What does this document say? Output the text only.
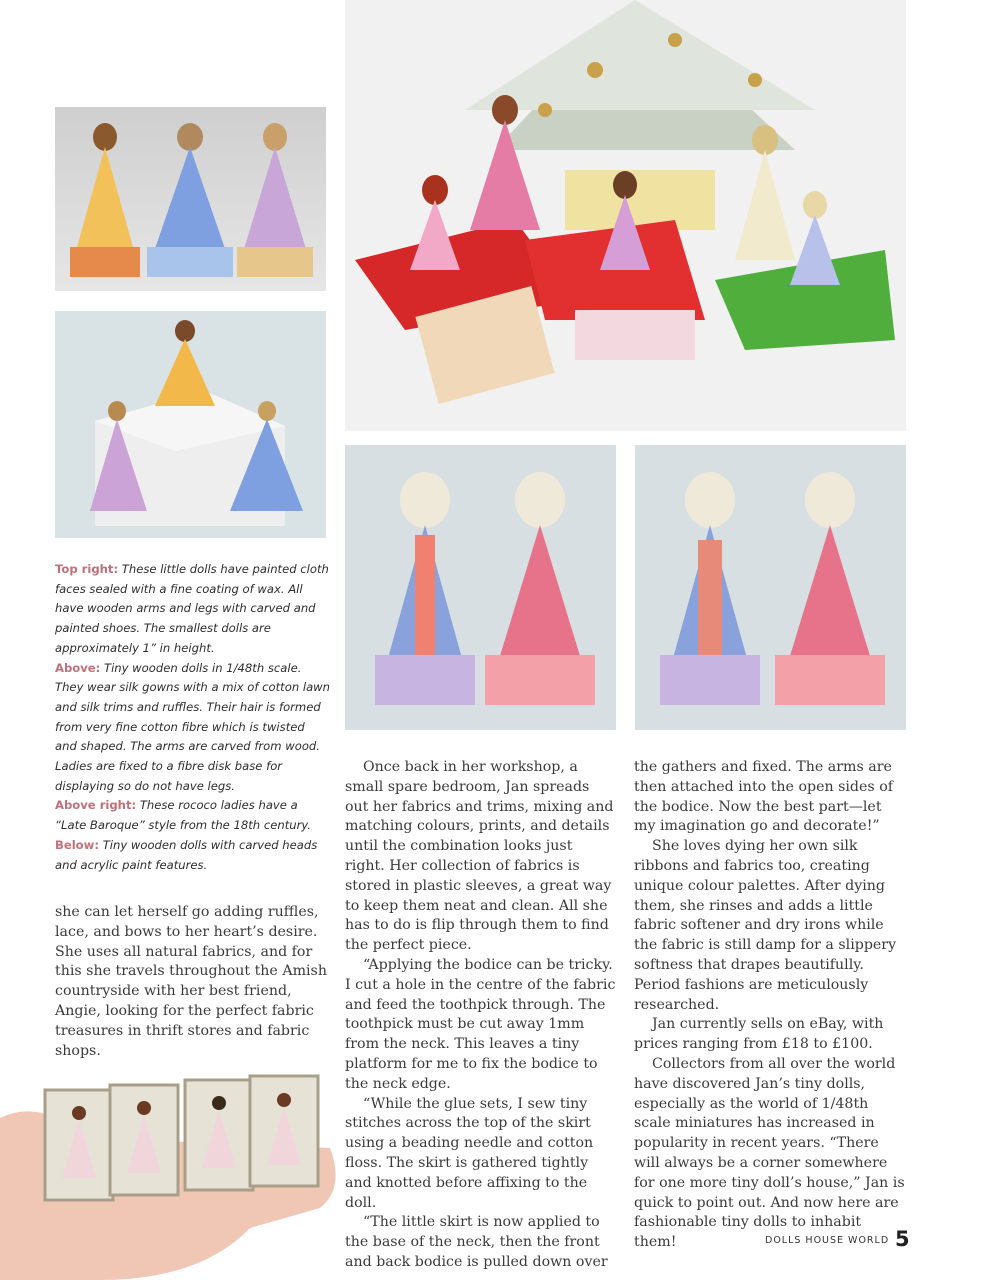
Top right: These little dolls have painted cloth faces sealed with a fine coating of wax. All have wooden arms and legs with carved and painted shoes. The smallest dolls are approximately 1” in height.

Above: Tiny wooden dolls in 1/48th scale. They wear silk gowns with a mix of cotton lawn and silk trims and ruffles. Their hair is formed from very fine cotton fibre which is twisted and shaped. The arms are carved from wood. Ladies are fixed to a fibre disk base for displaying so do not have legs.

Above right: These rococo ladies have a “Late Baroque” style from the 18th century.

Below: Tiny wooden dolls with carved heads and acrylic paint features.

she can let herself go adding ruffles, lace, and bows to her heart’s desire. She uses all natural fabrics, and for this she travels throughout the Amish countryside with her best friend, Angie, looking for the perfect fabric treasures in thrift stores and fabric shops.

Once back in her workshop, a small spare bedroom, Jan spreads out her fabrics and trims, mixing and matching colours, prints, and details until the combination looks just right. Her collection of fabrics is stored in plastic sleeves, a great way to keep them neat and clean. All she has to do is flip through them to find the perfect piece.

“Applying the bodice can be tricky. I cut a hole in the centre of the fabric and feed the toothpick through. The toothpick must be cut away 1mm from the neck. This leaves a tiny platform for me to fix the bodice to the neck edge.

“While the glue sets, I sew tiny stitches across the top of the skirt using a beading needle and cotton floss. The skirt is gathered tightly and knotted before affixing to the doll.

“The little skirt is now applied to the base of the neck, then the front and back bodice is pulled down over

the gathers and fixed. The arms are then attached into the open sides of the bodice. Now the best part—let my imagination go and decorate!”

She loves dying her own silk ribbons and fabrics too, creating unique colour palettes. After dying them, she rinses and adds a little fabric softener and dry irons while the fabric is still damp for a slippery softness that drapes beautifully. Period fashions are meticulously researched.

Jan currently sells on eBay, with prices ranging from £18 to £100.

Collectors from all over the world have discovered Jan’s tiny dolls, especially as the world of 1/48th scale miniatures has increased in popularity in recent years. “There will always be a corner somewhere for one more tiny doll’s house,” Jan is quick to point out. And now here are fashionable tiny dolls to inhabit them!	DOLLS HOUSE WORLD 5
